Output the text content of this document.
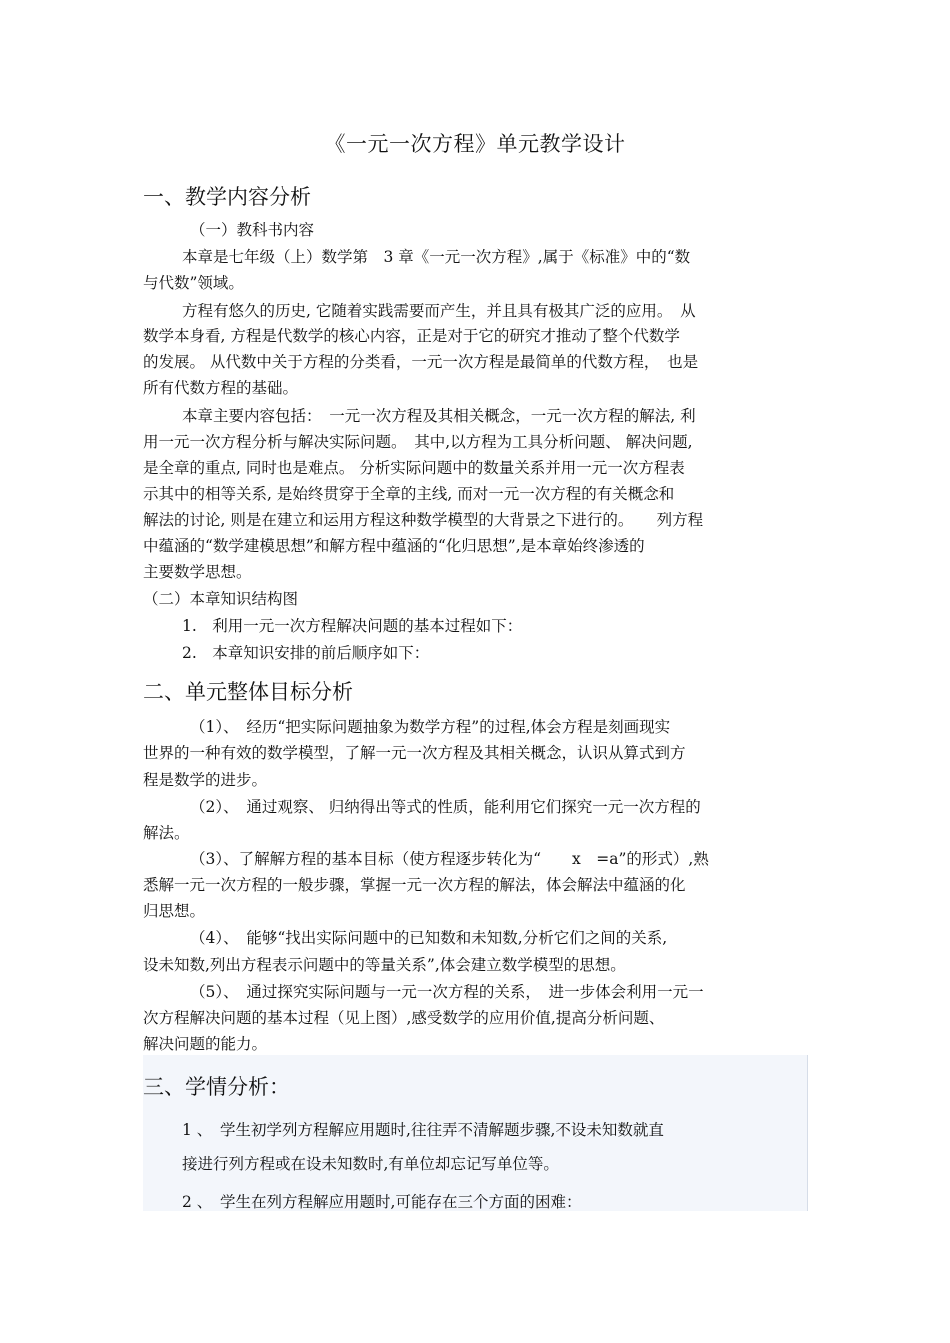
《一元一次方程》单元教学设计
一、教学内容分析
（一）教科书内容
本章是七年级（上）数学第　3 章《一元一次方程》,属于《标准》中的“数
与代数”领域。
方程有悠久的历史, 它随着实践需要而产生，并且具有极其广泛的应用。　从
数学本身看, 方程是代数学的核心内容，正是对于它的研究才推动了整个代数学
的发展。 从代数中关于方程的分类看，一元一次方程是最简单的代数方程，　也是
所有代数方程的基础。
本章主要内容包括：　一元一次方程及其相关概念，一元一次方程的解法, 利
用一元一次方程分析与解决实际问题。　其中,以方程为工具分析问题、 解决问题,
是全章的重点, 同时也是难点。 分析实际问题中的数量关系并用一元一次方程表
示其中的相等关系, 是始终贯穿于全章的主线, 而对一元一次方程的有关概念和
解法的讨论, 则是在建立和运用方程这种数学模型的大背景之下进行的。　　列方程
中蕴涵的“数学建模思想”和解方程中蕴涵的“化归思想”,是本章始终渗透的
主要数学思想。
（二）本章知识结构图
1.　利用一元一次方程解决问题的基本过程如下：
2.　本章知识安排的前后顺序如下：
二、单元整体目标分析
（1）、　经历“把实际问题抽象为数学方程”的过程,体会方程是刻画现实
世界的一种有效的数学模型，了解一元一次方程及其相关概念，认识从算式到方
程是数学的进步。
（2）、　通过观察、 归纳得出等式的性质，能利用它们探究一元一次方程的
解法。
（3）、了解解方程的基本目标（使方程逐步转化为“　　x　=a”的形式）,熟
悉解一元一次方程的一般步骤，掌握一元一次方程的解法，体会解法中蕴涵的化
归思想。
（4）、　能够“找出实际问题中的已知数和未知数,分析它们之间的关系,
设未知数,列出方程表示问题中的等量关系”,体会建立数学模型的思想。
（5）、　通过探究实际问题与一元一次方程的关系，　进一步体会利用一元一
次方程解决问题的基本过程（见上图）,感受数学的应用价值,提高分析问题、
解决问题的能力。
三、学情分析：
1 、　学生初学列方程解应用题时,往往弄不清解题步骤,不设未知数就直
接进行列方程或在设未知数时,有单位却忘记写单位等。
2 、　学生在列方程解应用题时,可能存在三个方面的困难：
